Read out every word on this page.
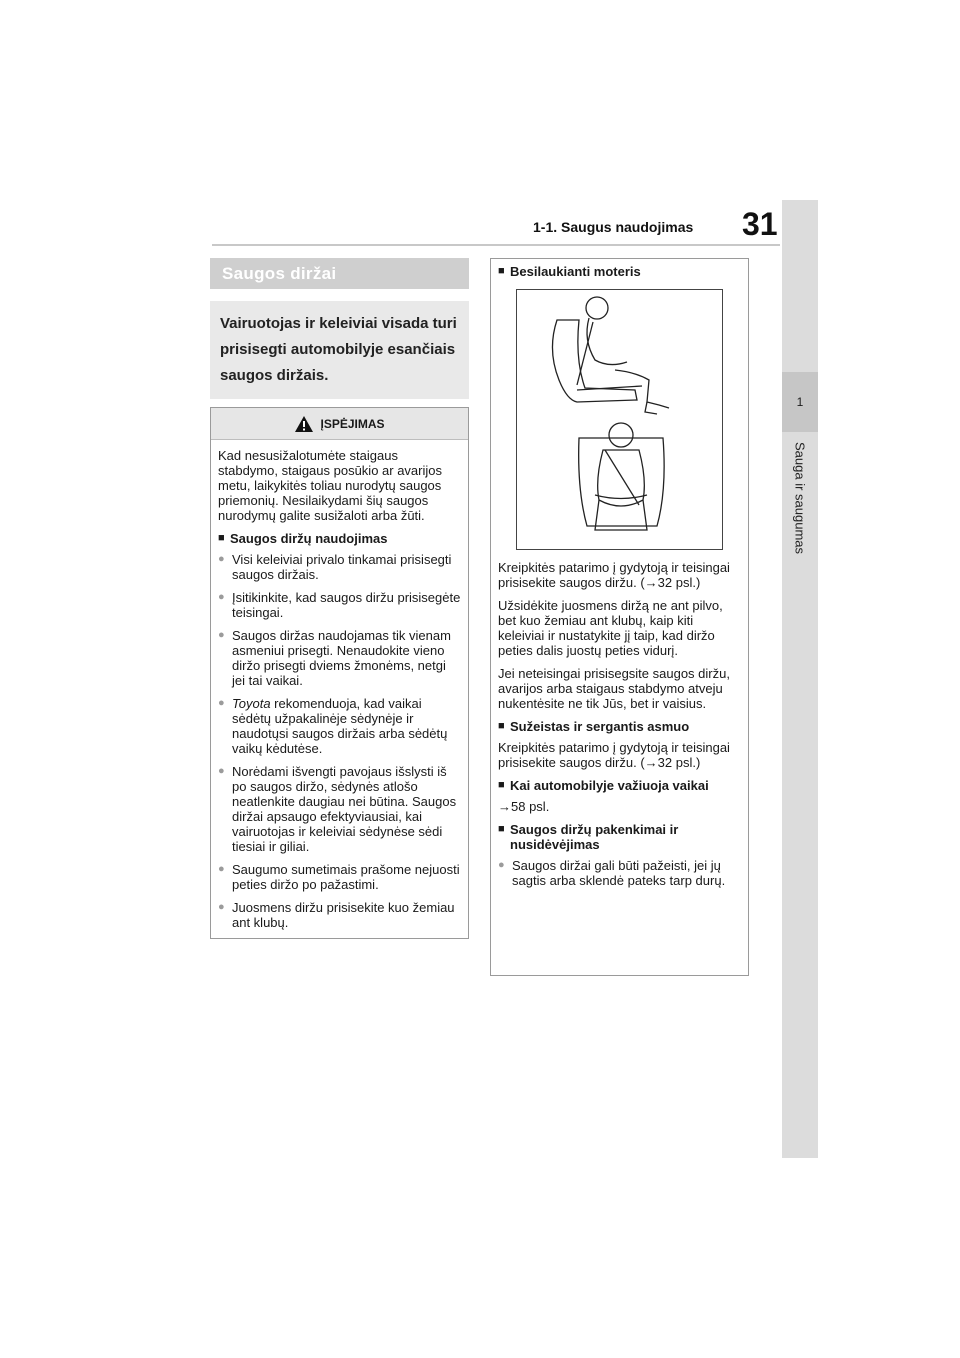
1-1. Saugus naudojimas 31
1
Sauga ir saugumas
Saugos diržai
Vairuotojas ir keleiviai visada turi prisisegti automobilyje esančiais saugos diržais.
ĮSPĖJIMAS

Kad nesusižalotumėte staigaus stabdymo, staigaus posūkio ar avarijos metu, laikykitės toliau nurodytų saugos priemonių. Nesilaikydami šių saugos nurodymų galite susižaloti arba žūti.

■ Saugos diržų naudojimas
● Visi keleiviai privalo tinkamai prisisegti saugos diržais.
● Įsitikinkite, kad saugos diržu prisisegėte teisingai.
● Saugos diržas naudojamas tik vienam asmeniui prisegti. Nenaudokite vieno diržo prisegti dviems žmonėms, netgi jei tai vaikai.
● Toyota rekomenduoja, kad vaikai sėdėtų užpakalinėje sėdynėje ir naudotųsi saugos diržais arba sėdėtų vaikų kėdutėse.
● Norėdami išvengti pavojaus išslysti iš po saugos diržo, sėdynės atlošo neatlenkite daugiau nei būtina. Saugos diržai apsaugo efektyviausiai, kai vairuotojas ir keleiviai sėdynėse sėdi tiesiai ir giliai.
● Saugumo sumetimais prašome nejuosti peties diržo po pažastimi.
● Juosmens diržu prisisekite kuo žemiau ant klubų.
■ Besilaukianti moteris

Kreipkitės patarimo į gydytoją ir teisingai prisisekite saugos diržu. (→32 psl.)

Užsidėkite juosmens diržą ne ant pilvo, bet kuo žemiau ant klubų, kaip kiti keleiviai ir nustatykite jį taip, kad diržo peties dalis juostų peties vidurį.

Jei neteisingai prisisegsite saugos diržu, avarijos arba staigaus stabdymo atveju nukentėsite ne tik Jūs, bet ir vaisius.

■ Sužeistas ir sergantis asmuo

Kreipkitės patarimo į gydytoją ir teisingai prisisekite saugos diržu. (→32 psl.)

■ Kai automobilyje važiuoja vaikai

→58 psl.

■ Saugos diržų pakenkimai ir nusidėvėjimas
● Saugos diržai gali būti pažeisti, jei jų sagtis arba sklendė pateks tarp durų.
